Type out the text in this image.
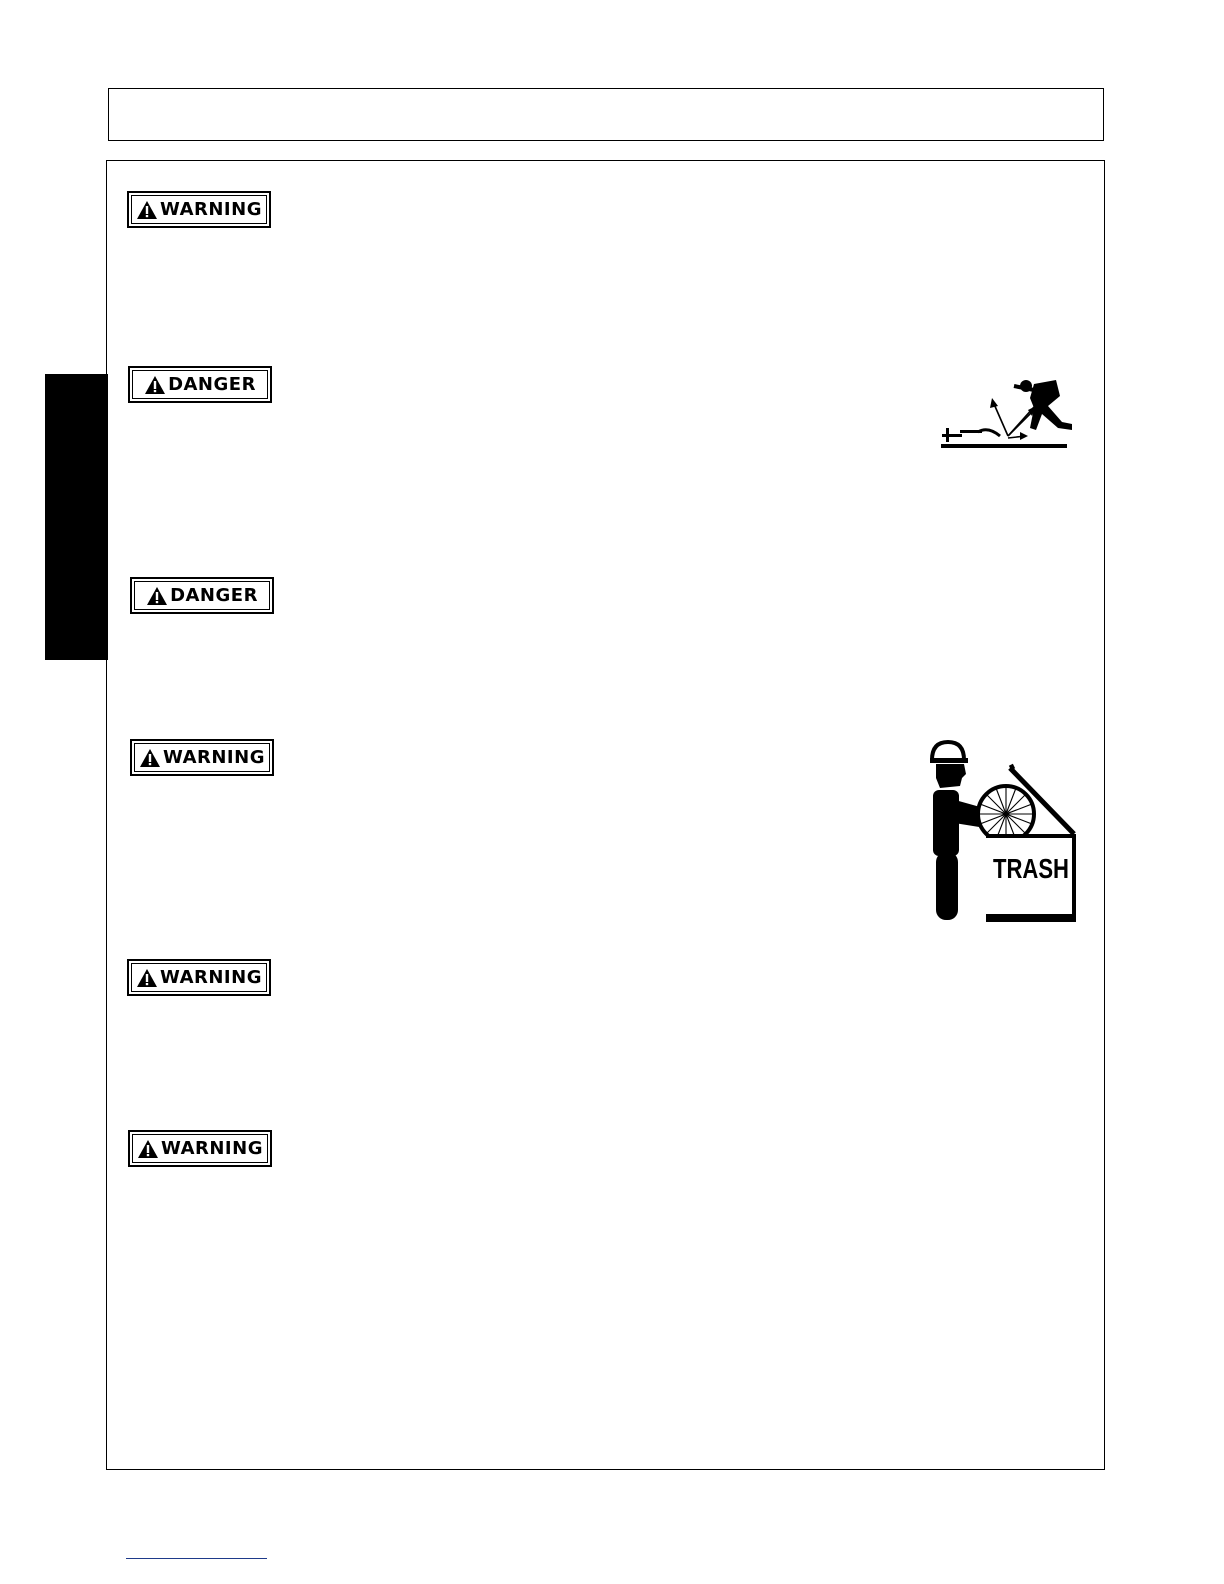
WARNING
DANGER
DANGER
WARNING
WARNING
WARNING
TRASH
